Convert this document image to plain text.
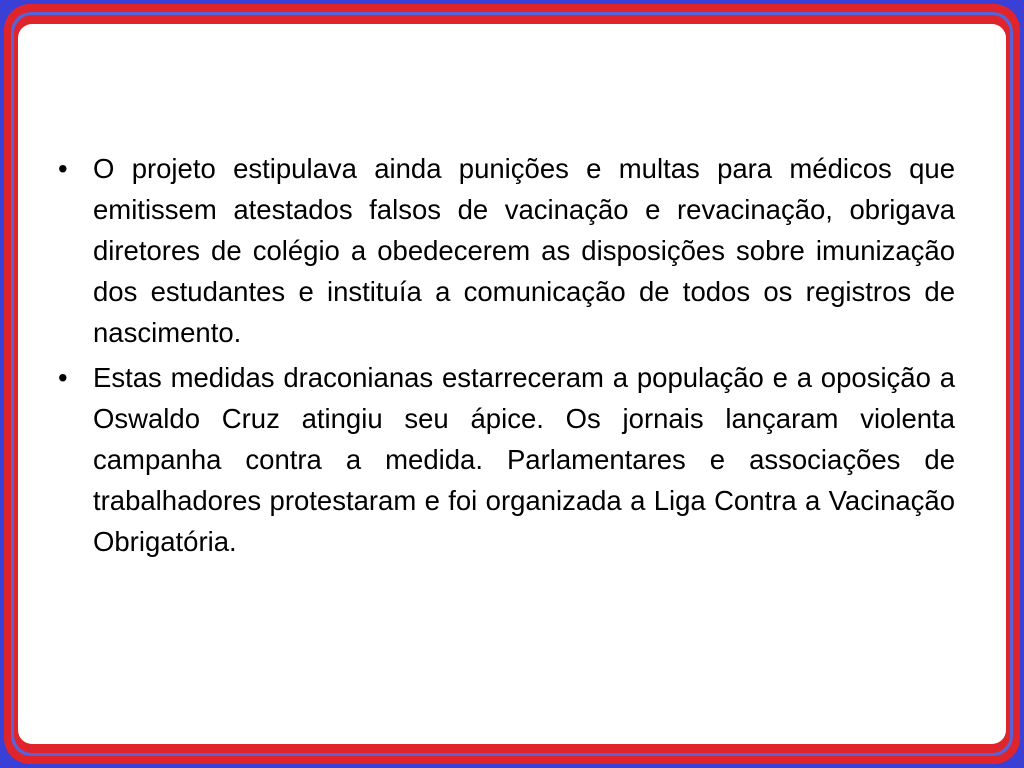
• O projeto estipulava ainda punições e multas para médicos que emitissem atestados falsos de vacinação e revacinação, obrigava diretores de colégio a obedecerem as disposições sobre imunização dos estudantes e instituía a comunicação de todos os registros de nascimento.
• Estas medidas draconianas estarreceram a população e a oposição a Oswaldo Cruz atingiu seu ápice. Os jornais lançaram violenta campanha contra a medida. Parlamentares e associações de trabalhadores protestaram e foi organizada a Liga Contra a Vacinação Obrigatória.
